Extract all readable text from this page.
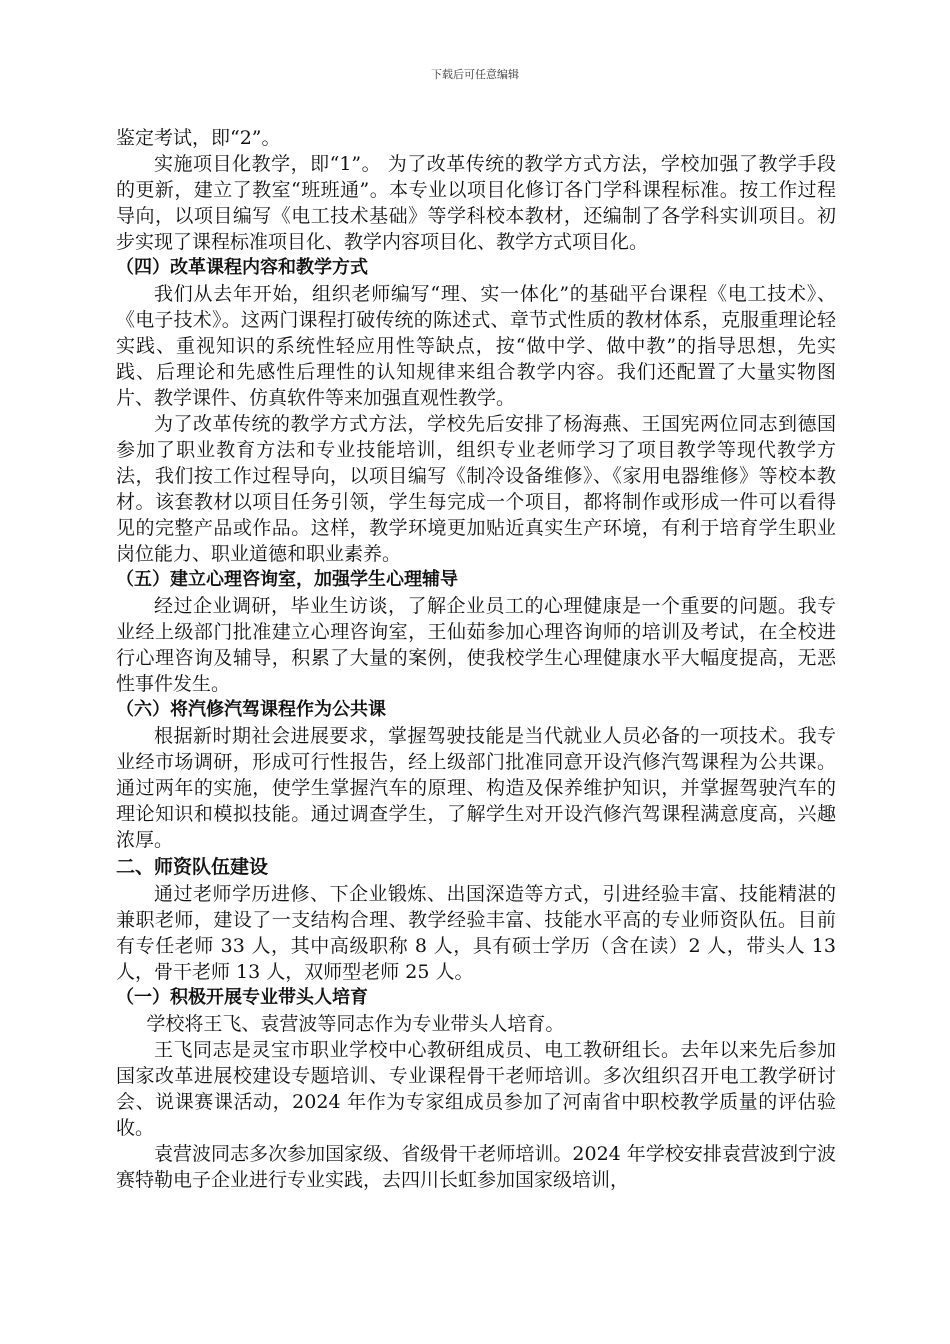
下载后可任意编辑

鉴定考试，即“2”。

实施项目化教学，即“1”。 为了改革传统的教学方式方法，学校加强了教学手段的更新，建立了教室“班班通”。本专业以项目化修订各门学科课程标准。按工作过程导向，以项目编写《电工技术基础》等学科校本教材，还编制了各学科实训项目。初步实现了课程标准项目化、教学内容项目化、教学方式项目化。

（四）改革课程内容和教学方式

我们从去年开始，组织老师编写“理、实一体化”的基础平台课程《电工技术》、《电子技术》。这两门课程打破传统的陈述式、章节式性质的教材体系，克服重理论轻实践、重视知识的系统性轻应用性等缺点，按“做中学、做中教”的指导思想，先实践、后理论和先感性后理性的认知规律来组合教学内容。我们还配置了大量实物图片、教学课件、仿真软件等来加强直观性教学。

为了改革传统的教学方式方法，学校先后安排了杨海燕、王国宪两位同志到德国参加了职业教育方法和专业技能培训，组织专业老师学习了项目教学等现代教学方法，我们按工作过程导向，以项目编写《制冷设备维修》、《家用电器维修》等校本教材。该套教材以项目任务引领，学生每完成一个项目，都将制作或形成一件可以看得见的完整产品或作品。这样，教学环境更加贴近真实生产环境，有利于培育学生职业岗位能力、职业道德和职业素养。

（五）建立心理咨询室，加强学生心理辅导

经过企业调研，毕业生访谈，了解企业员工的心理健康是一个重要的问题。我专业经上级部门批准建立心理咨询室，王仙茹参加心理咨询师的培训及考试，在全校进行心理咨询及辅导，积累了大量的案例，使我校学生心理健康水平大幅度提高，无恶性事件发生。

（六）将汽修汽驾课程作为公共课

根据新时期社会进展要求，掌握驾驶技能是当代就业人员必备的一项技术。我专业经市场调研，形成可行性报告，经上级部门批准同意开设汽修汽驾课程为公共课。通过两年的实施，使学生掌握汽车的原理、构造及保养维护知识，并掌握驾驶汽车的理论知识和模拟技能。通过调查学生，了解学生对开设汽修汽驾课程满意度高，兴趣浓厚。

二、师资队伍建设

通过老师学历进修、下企业锻炼、出国深造等方式，引进经验丰富、技能精湛的兼职老师，建设了一支结构合理、教学经验丰富、技能水平高的专业师资队伍。目前有专任老师 33 人，其中高级职称 8 人，具有硕士学历（含在读）2 人，带头人 13 人，骨干老师 13 人，双师型老师 25 人。

（一）积极开展专业带头人培育

学校将王飞、袁营波等同志作为专业带头人培育。

王飞同志是灵宝市职业学校中心教研组成员、电工教研组长。去年以来先后参加国家改革进展校建设专题培训、专业课程骨干老师培训。多次组织召开电工教学研讨会、说课赛课活动，2024 年作为专家组成员参加了河南省中职校教学质量的评估验收。

袁营波同志多次参加国家级、省级骨干老师培训。2024 年学校安排袁营波到宁波赛特勒电子企业进行专业实践，去四川长虹参加国家级培训，
